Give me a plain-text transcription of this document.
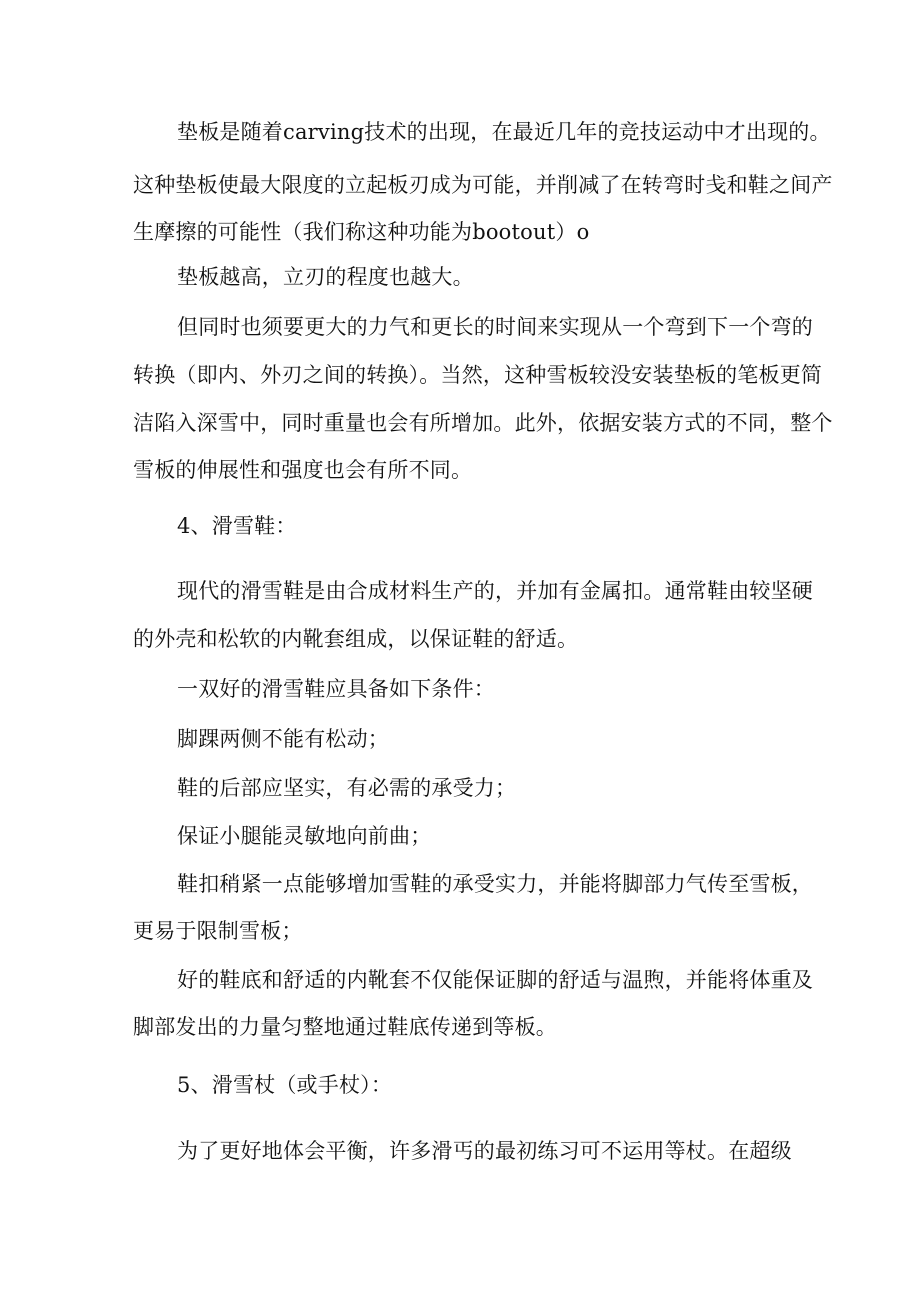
垫板是随着carving技术的出现，在最近几年的竞技运动中才出现的。
这种垫板使最大限度的立起板刃成为可能，并削减了在转弯时戋和鞋之间产
生摩擦的可能性（我们称这种功能为bootout）o
垫板越高，立刃的程度也越大。
但同时也须要更大的力气和更长的时间来实现从一个弯到下一个弯的
转换（即内、外刃之间的转换）。当然，这种雪板较没安装垫板的笔板更简
洁陷入深雪中，同时重量也会有所增加。此外，依据安装方式的不同，整个
雪板的伸展性和强度也会有所不同。
4、滑雪鞋：
现代的滑雪鞋是由合成材料生产的，并加有金属扣。通常鞋由较坚硬
的外壳和松软的内靴套组成，以保证鞋的舒适。
一双好的滑雪鞋应具备如下条件：
脚踝两侧不能有松动；
鞋的后部应坚实，有必需的承受力；
保证小腿能灵敏地向前曲；
鞋扣稍紧一点能够增加雪鞋的承受实力，并能将脚部力气传至雪板，
更易于限制雪板；
好的鞋底和舒适的内靴套不仅能保证脚的舒适与温煦，并能将体重及
脚部发出的力量匀整地通过鞋底传递到等板。
5、滑雪杖（或手杖）：
为了更好地体会平衡，许多滑丐的最初练习可不运用等杖。在超级
